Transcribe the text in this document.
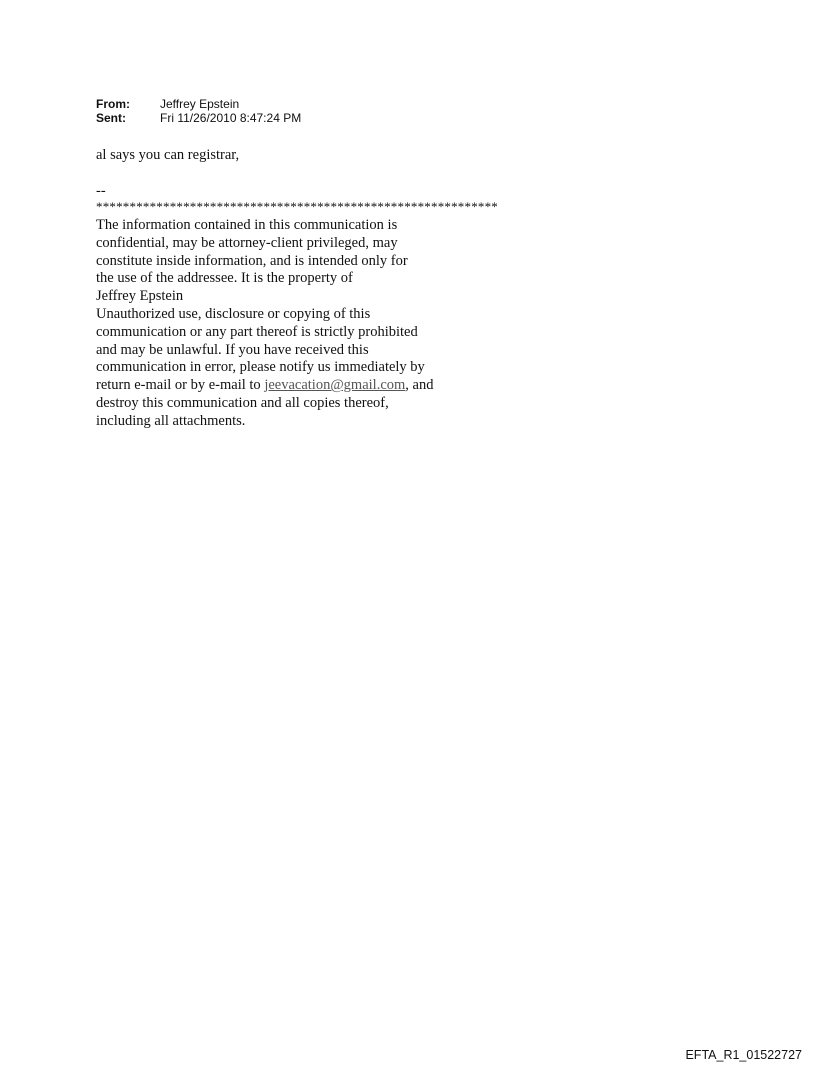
From:	Jeffrey Epstein
Sent:	Fri 11/26/2010 8:47:24 PM
al says you can registrar,
--
************************************************************
The information contained in this communication is
confidential, may be attorney-client privileged, may
constitute inside information, and is intended only for
the use of the addressee. It is the property of
Jeffrey Epstein
Unauthorized use, disclosure or copying of this
communication or any part thereof is strictly prohibited
and may be unlawful. If you have received this
communication in error, please notify us immediately by
return e-mail or by e-mail to jeevacation@gmail.com, and
destroy this communication and all copies thereof,
including all attachments.
EFTA_R1_01522727
